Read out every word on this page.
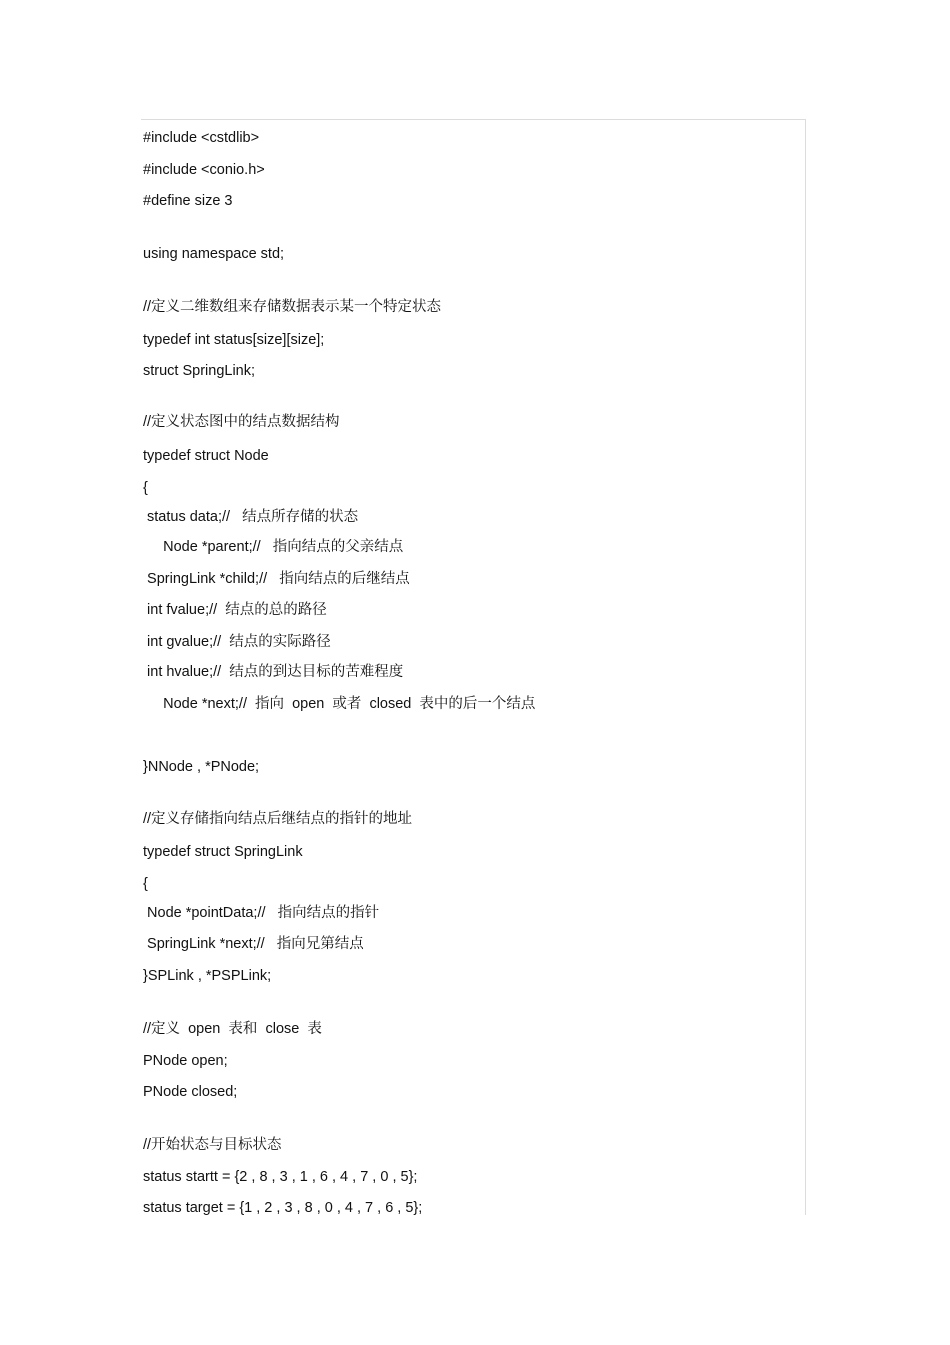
#include <cstdlib>
#include <conio.h>
#define size 3
using namespace std;
//定义二维数组来存储数据表示某一个特定状态
typedef int status[size][size];
struct SpringLink;
//定义状态图中的结点数据结构
typedef struct Node
{
status data;//   结点所存储的状态
Node *parent;//   指向结点的父亲结点
SpringLink *child;//   指向结点的后继结点
int fvalue;//  结点的总的路径
int gvalue;//  结点的实际路径
int hvalue;//  结点的到达目标的苦难程度
Node *next;//  指向  open  或者  closed  表中的后一个结点
}NNode , *PNode;
//定义存储指向结点后继结点的指针的地址
typedef struct SpringLink
{
Node *pointData;//   指向结点的指针
SpringLink *next;//   指向兄第结点
}SPLink , *PSPLink;
//定义  open  表和  close  表
PNode open;
PNode closed;
//开始状态与目标状态
status startt = {2 , 8 , 3 , 1 , 6 , 4 , 7 , 0 , 5};
status target = {1 , 2 , 3 , 8 , 0 , 4 , 7 , 6 , 5};
